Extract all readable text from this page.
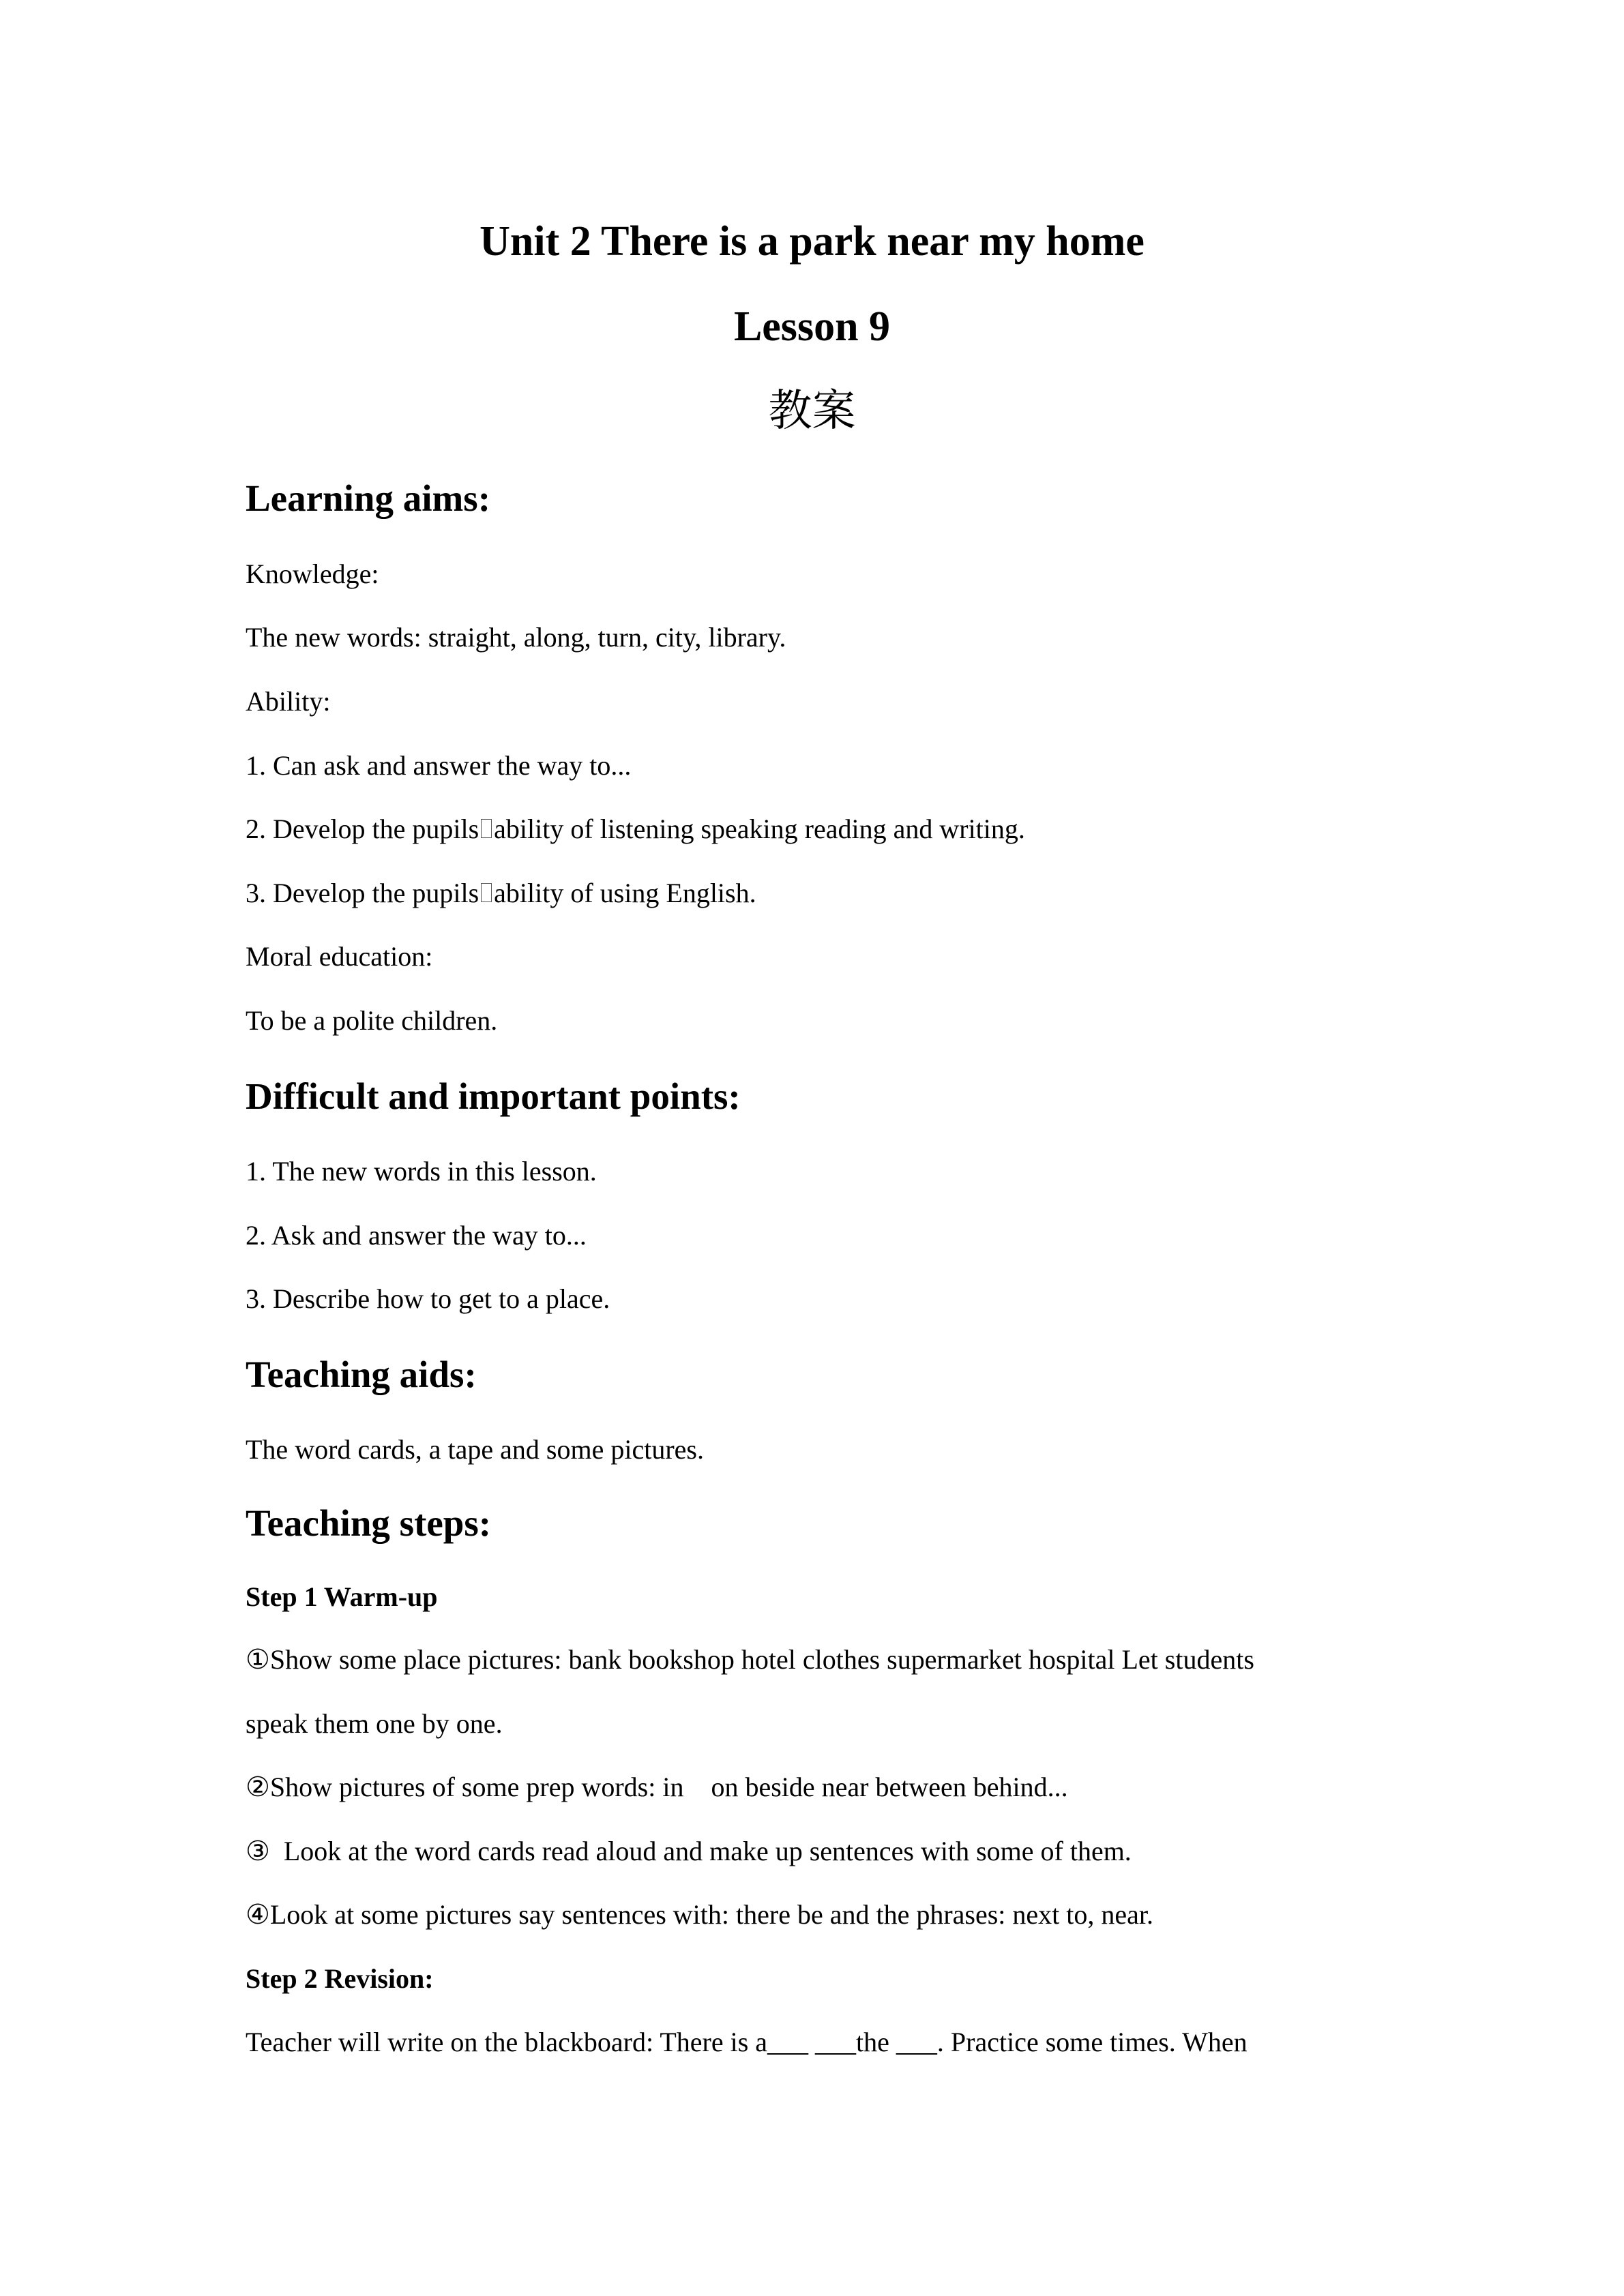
Unit 2 There is a park near my home
Lesson 9
教案
Learning aims:
Knowledge:
The new words: straight, along, turn, city, library.
Ability:
1. Can ask and answer the way to...
2. Develop the pupils ability of listening speaking reading and writing.
3. Develop the pupils ability of using English.
Moral education:
To be a polite children.
Difficult and important points:
1. The new words in this lesson.
2. Ask and answer the way to...
3. Describe how to get to a place.
Teaching aids:
The word cards, a tape and some pictures.
Teaching steps:
Step 1 Warm-up
①Show some place pictures: bank bookshop hotel clothes supermarket hospital Let students
speak them one by one.
②Show pictures of some prep words: in    on beside near between behind...
③  Look at the word cards read aloud and make up sentences with some of them.
④Look at some pictures say sentences with: there be and the phrases: next to, near.
Step 2 Revision:
Teacher will write on the blackboard: There is a___ ___the ___. Practice some times. When
